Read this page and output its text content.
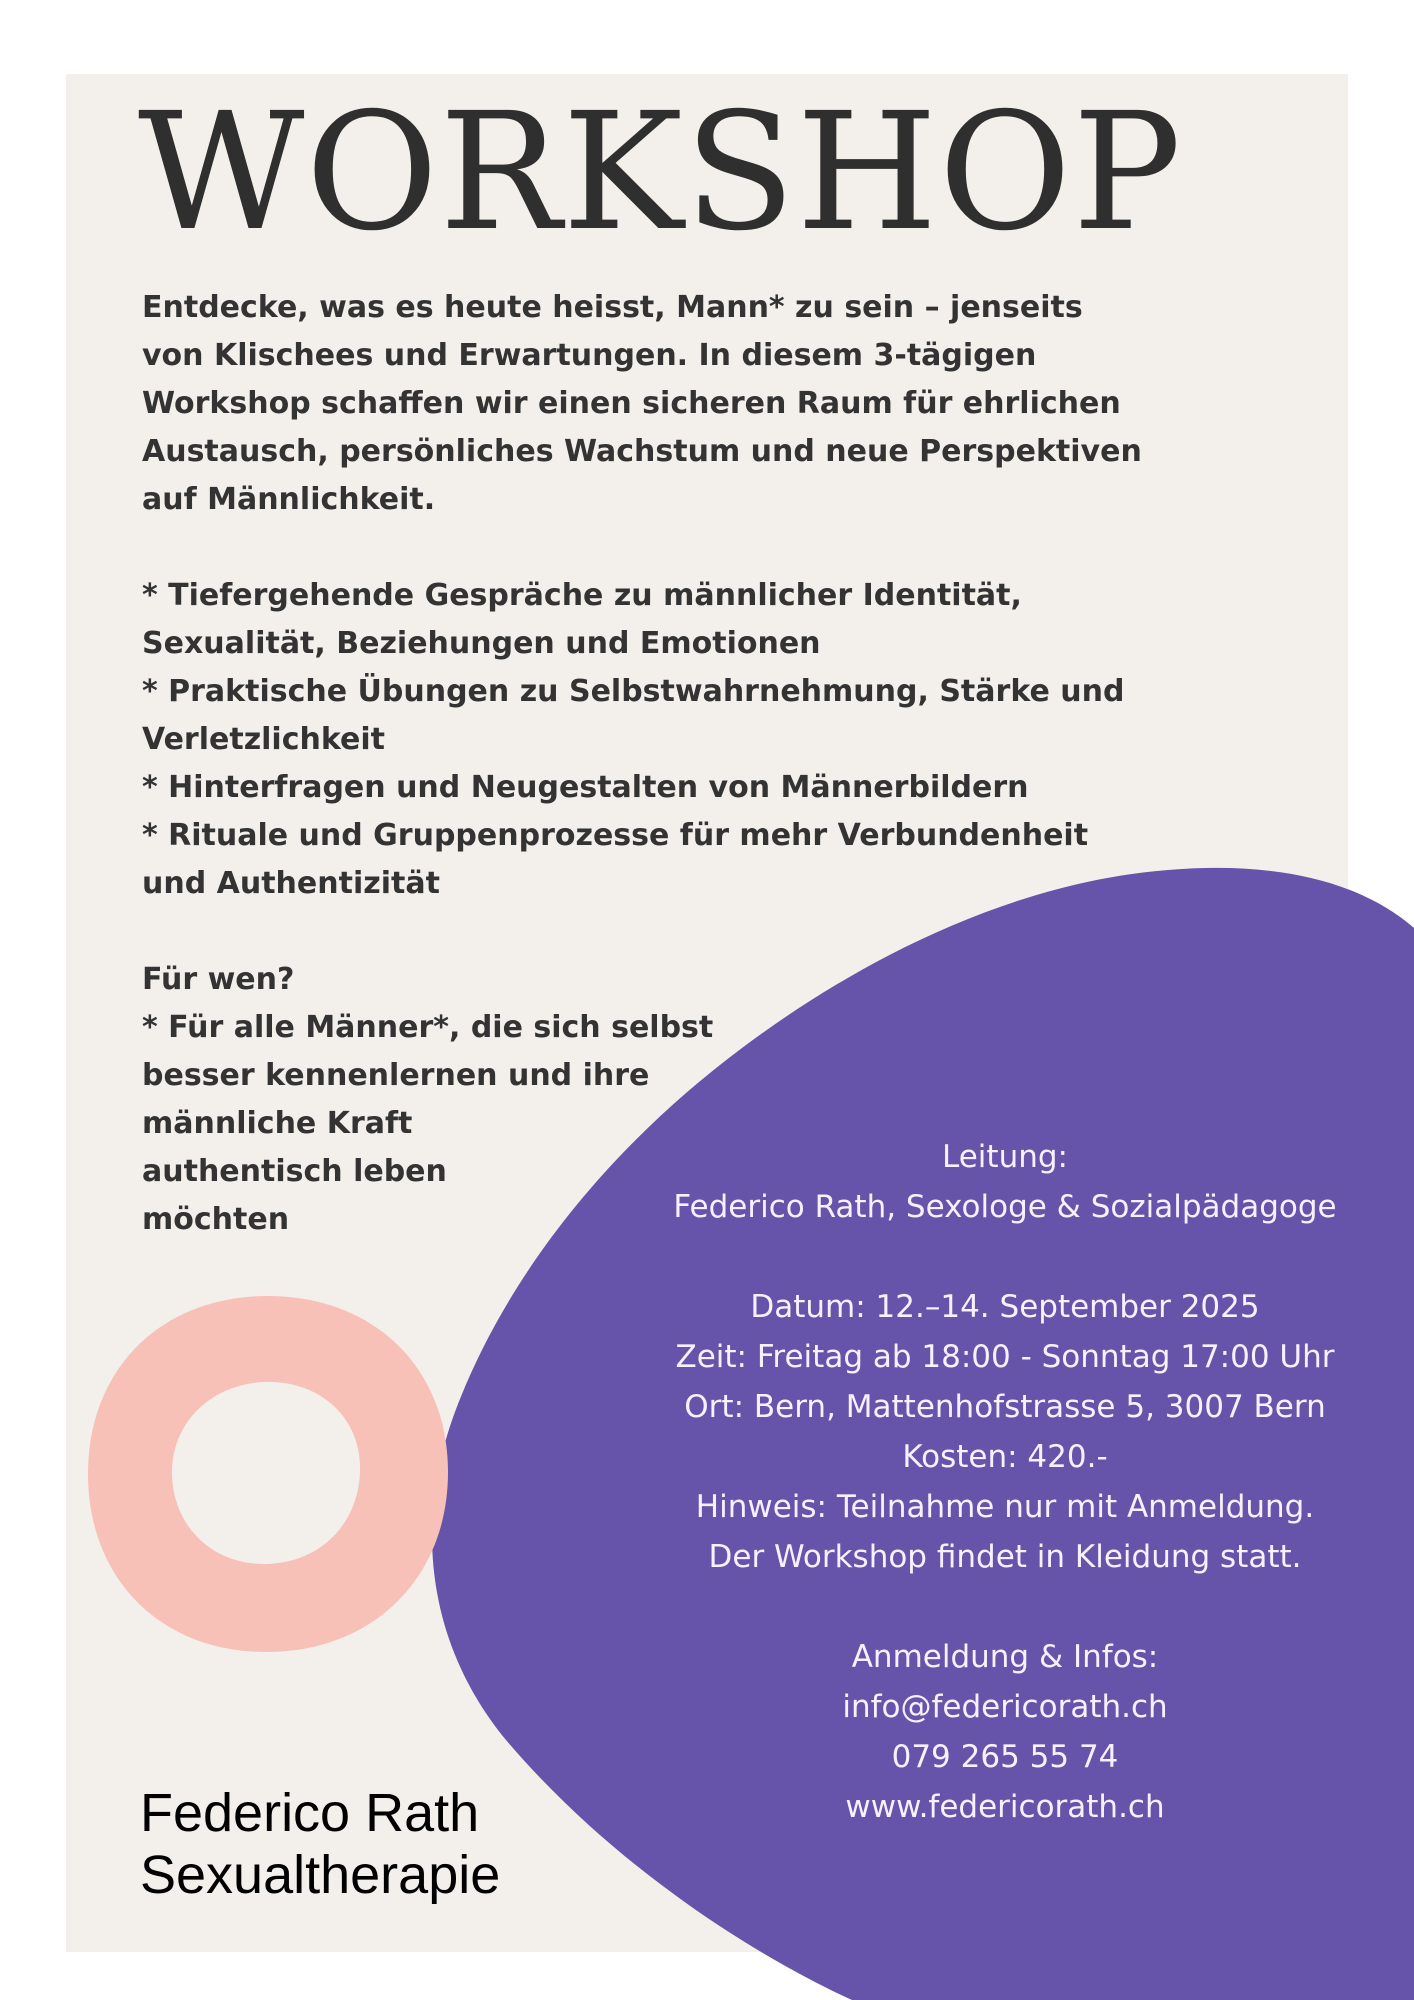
WORKSHOP

Entdecke, was es heute heisst, Mann* zu sein – jenseits von Klischees und Erwartungen. In diesem 3-tägigen Workshop schaffen wir einen sicheren Raum für ehrlichen Austausch, persönliches Wachstum und neue Perspektiven auf Männlichkeit.

* Tiefergehende Gespräche zu männlicher Identität, Sexualität, Beziehungen und Emotionen
* Praktische Übungen zu Selbstwahrnehmung, Stärke und Verletzlichkeit
* Hinterfragen und Neugestalten von Männerbildern
* Rituale und Gruppenprozesse für mehr Verbundenheit und Authentizität
Für wen?
* Für alle Männer*, die sich selbst
besser kennenlernen und ihre
männliche Kraft
authentisch leben
möchten
Leitung:
Federico Rath, Sexologe & Sozialpädagoge
Datum: 12.–14. September 2025
Zeit: Freitag ab 18:00 - Sonntag 17:00 Uhr
Ort: Bern, Mattenhofstrasse 5, 3007 Bern
Kosten: 420.-
Hinweis: Teilnahme nur mit Anmeldung.
Der Workshop findet in Kleidung statt.
Anmeldung & Infos:
info@federicorath.ch
079 265 55 74
www.federicorath.ch
Federico Rath
Sexualtherapie
